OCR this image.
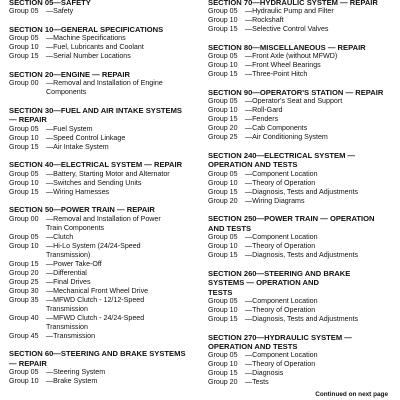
SECTION 05—SAFETY
Group 05 —Safety
SECTION 10—GENERAL SPECIFICATIONS
Group 05 —Machine Specifications
Group 10 —Fuel, Lubricants and Coolant
Group 15 —Serial Number Locations
SECTION 20—ENGINE — REPAIR
Group 00 —Removal and Installation of Engine
Components
SECTION 30—FUEL AND AIR INTAKE SYSTEMS
— REPAIR
Group 05 —Fuel System
Group 10 —Speed Control Linkage
Group 15 —Air Intake System
SECTION 40—ELECTRICAL SYSTEM — REPAIR
Group 05 —Battery, Starting Motor and Alternator
Group 10 —Switches and Sending Units
Group 15 —Wiring Harnesses
SECTION 50—POWER TRAIN — REPAIR
Group 00 —Removal and Installation of Power
Train Components
Group 05 —Clutch
Group 10 —Hi-Lo System (24/24-Speed
Transmission)
Group 15 —Power Take-Off
Group 20 —Differential
Group 25 —Final Drives
Group 30 —Mechanical Front Wheel Drive
Group 35 —MFWD Clutch - 12/12-Speed
Transmission
Group 40 —MFWD Clutch - 24/24-Speed
Transmission
Group 45 —Transmission
SECTION 60—STEERING AND BRAKE SYSTEMS
— REPAIR
Group 05 —Steering System
Group 10 —Brake System
SECTION 70—HYDRAULIC SYSTEM — REPAIR
Group 05 —Hydraulic Pump and Filter
Group 10 —Rockshaft
Group 15 —Selective Control Valves
SECTION 80—MISCELLANEOUS — REPAIR
Group 05 —Front Axle (without MFWD)
Group 10 —Front Wheel Bearings
Group 15 —Three-Point Hitch
SECTION 90—OPERATOR'S STATION — REPAIR
Group 05 —Operator's Seat and Support
Group 10 —Roll-Gard
Group 15 —Fenders
Group 20 —Cab Components
Group 25 —Air Conditioning System
SECTION 240—ELECTRICAL SYSTEM —
OPERATION AND TESTS
Group 05 —Component Location
Group 10 —Theory of Operation
Group 15 —Diagnosis, Tests and Adjustments
Group 20 —Wiring Diagrams
SECTION 250—POWER TRAIN — OPERATION
AND TESTS
Group 05 —Component Location
Group 10 —Theory of Operation
Group 15 —Diagnosis, Tests and Adjustments
SECTION 260—STEERING AND BRAKE
SYSTEMS — OPERATION AND
TESTS
Group 05 —Component Location
Group 10 —Theory of Operation
Group 15 —Diagnosis, Tests and Adjustments
SECTION 270—HYDRAULIC SYSTEM —
OPERATION AND TESTS
Group 05 —Component Location
Group 10 —Theory of Operation
Group 15 —Diagnosis
Group 20 —Tests
Continued on next page
